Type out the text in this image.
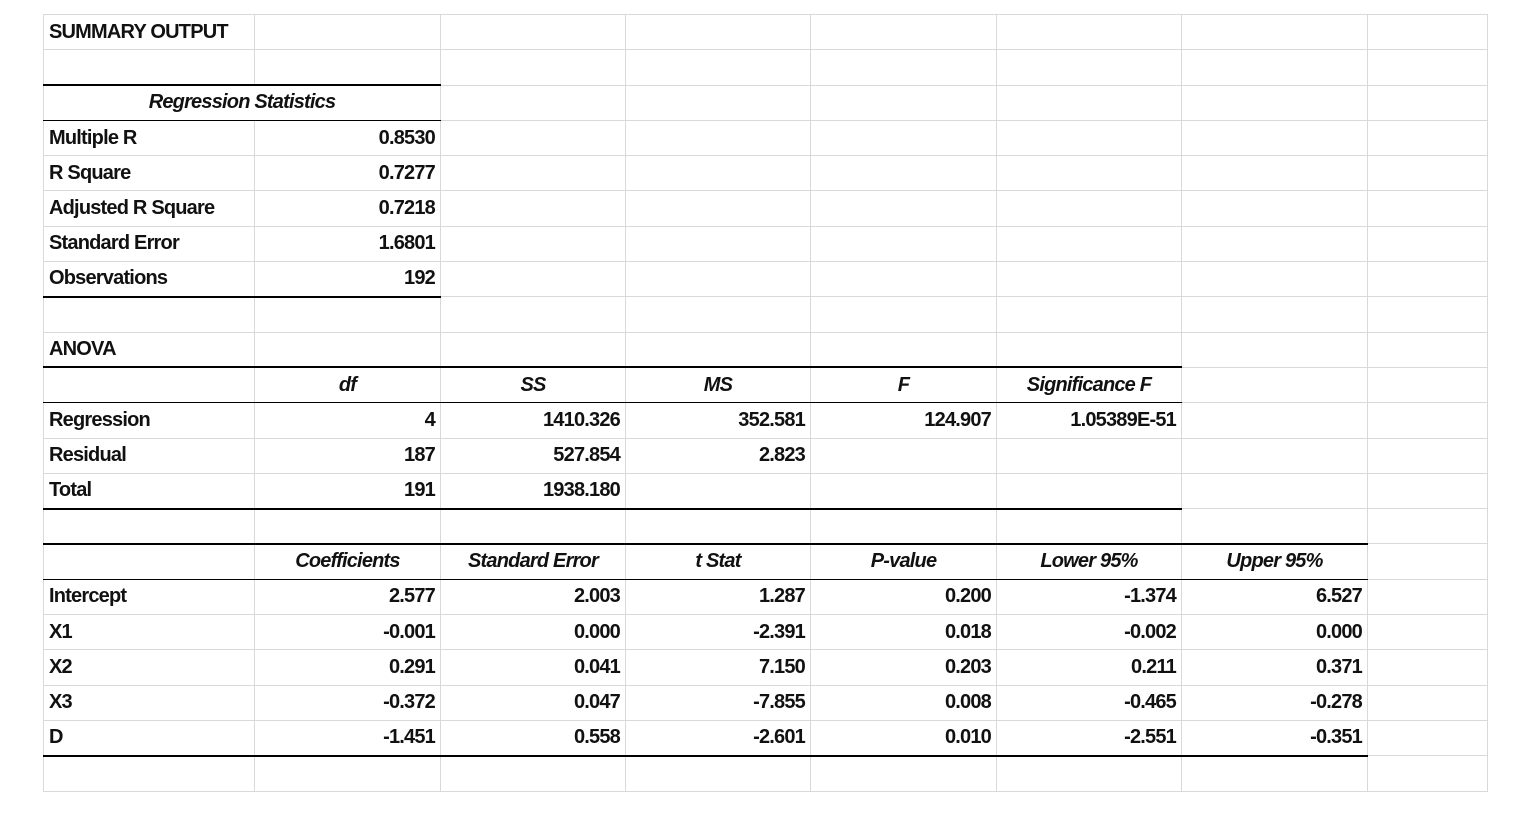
SUMMARY OUTPUT							

Regression Statistics							
Multiple R	0.8530						
R Square	0.7277						
Adjusted R Square	0.7218						
Standard Error	1.6801						
Observations	192						

ANOVA							
	df	SS	MS	F	Significance F		
Regression	4	1410.326	352.581	124.907	1.05389E-51		
Residual	187	527.854	2.823				
Total	191	1938.180					

	Coefficients	Standard Error	t Stat	P-value	Lower 95%	Upper 95%	
Intercept	2.577	2.003	1.287	0.200	-1.374	6.527	
X1	-0.001	0.000	-2.391	0.018	-0.002	0.000	
X2	0.291	0.041	7.150	0.203	0.211	0.371	
X3	-0.372	0.047	-7.855	0.008	-0.465	-0.278	
D	-1.451	0.558	-2.601	0.010	-2.551	-0.351	
